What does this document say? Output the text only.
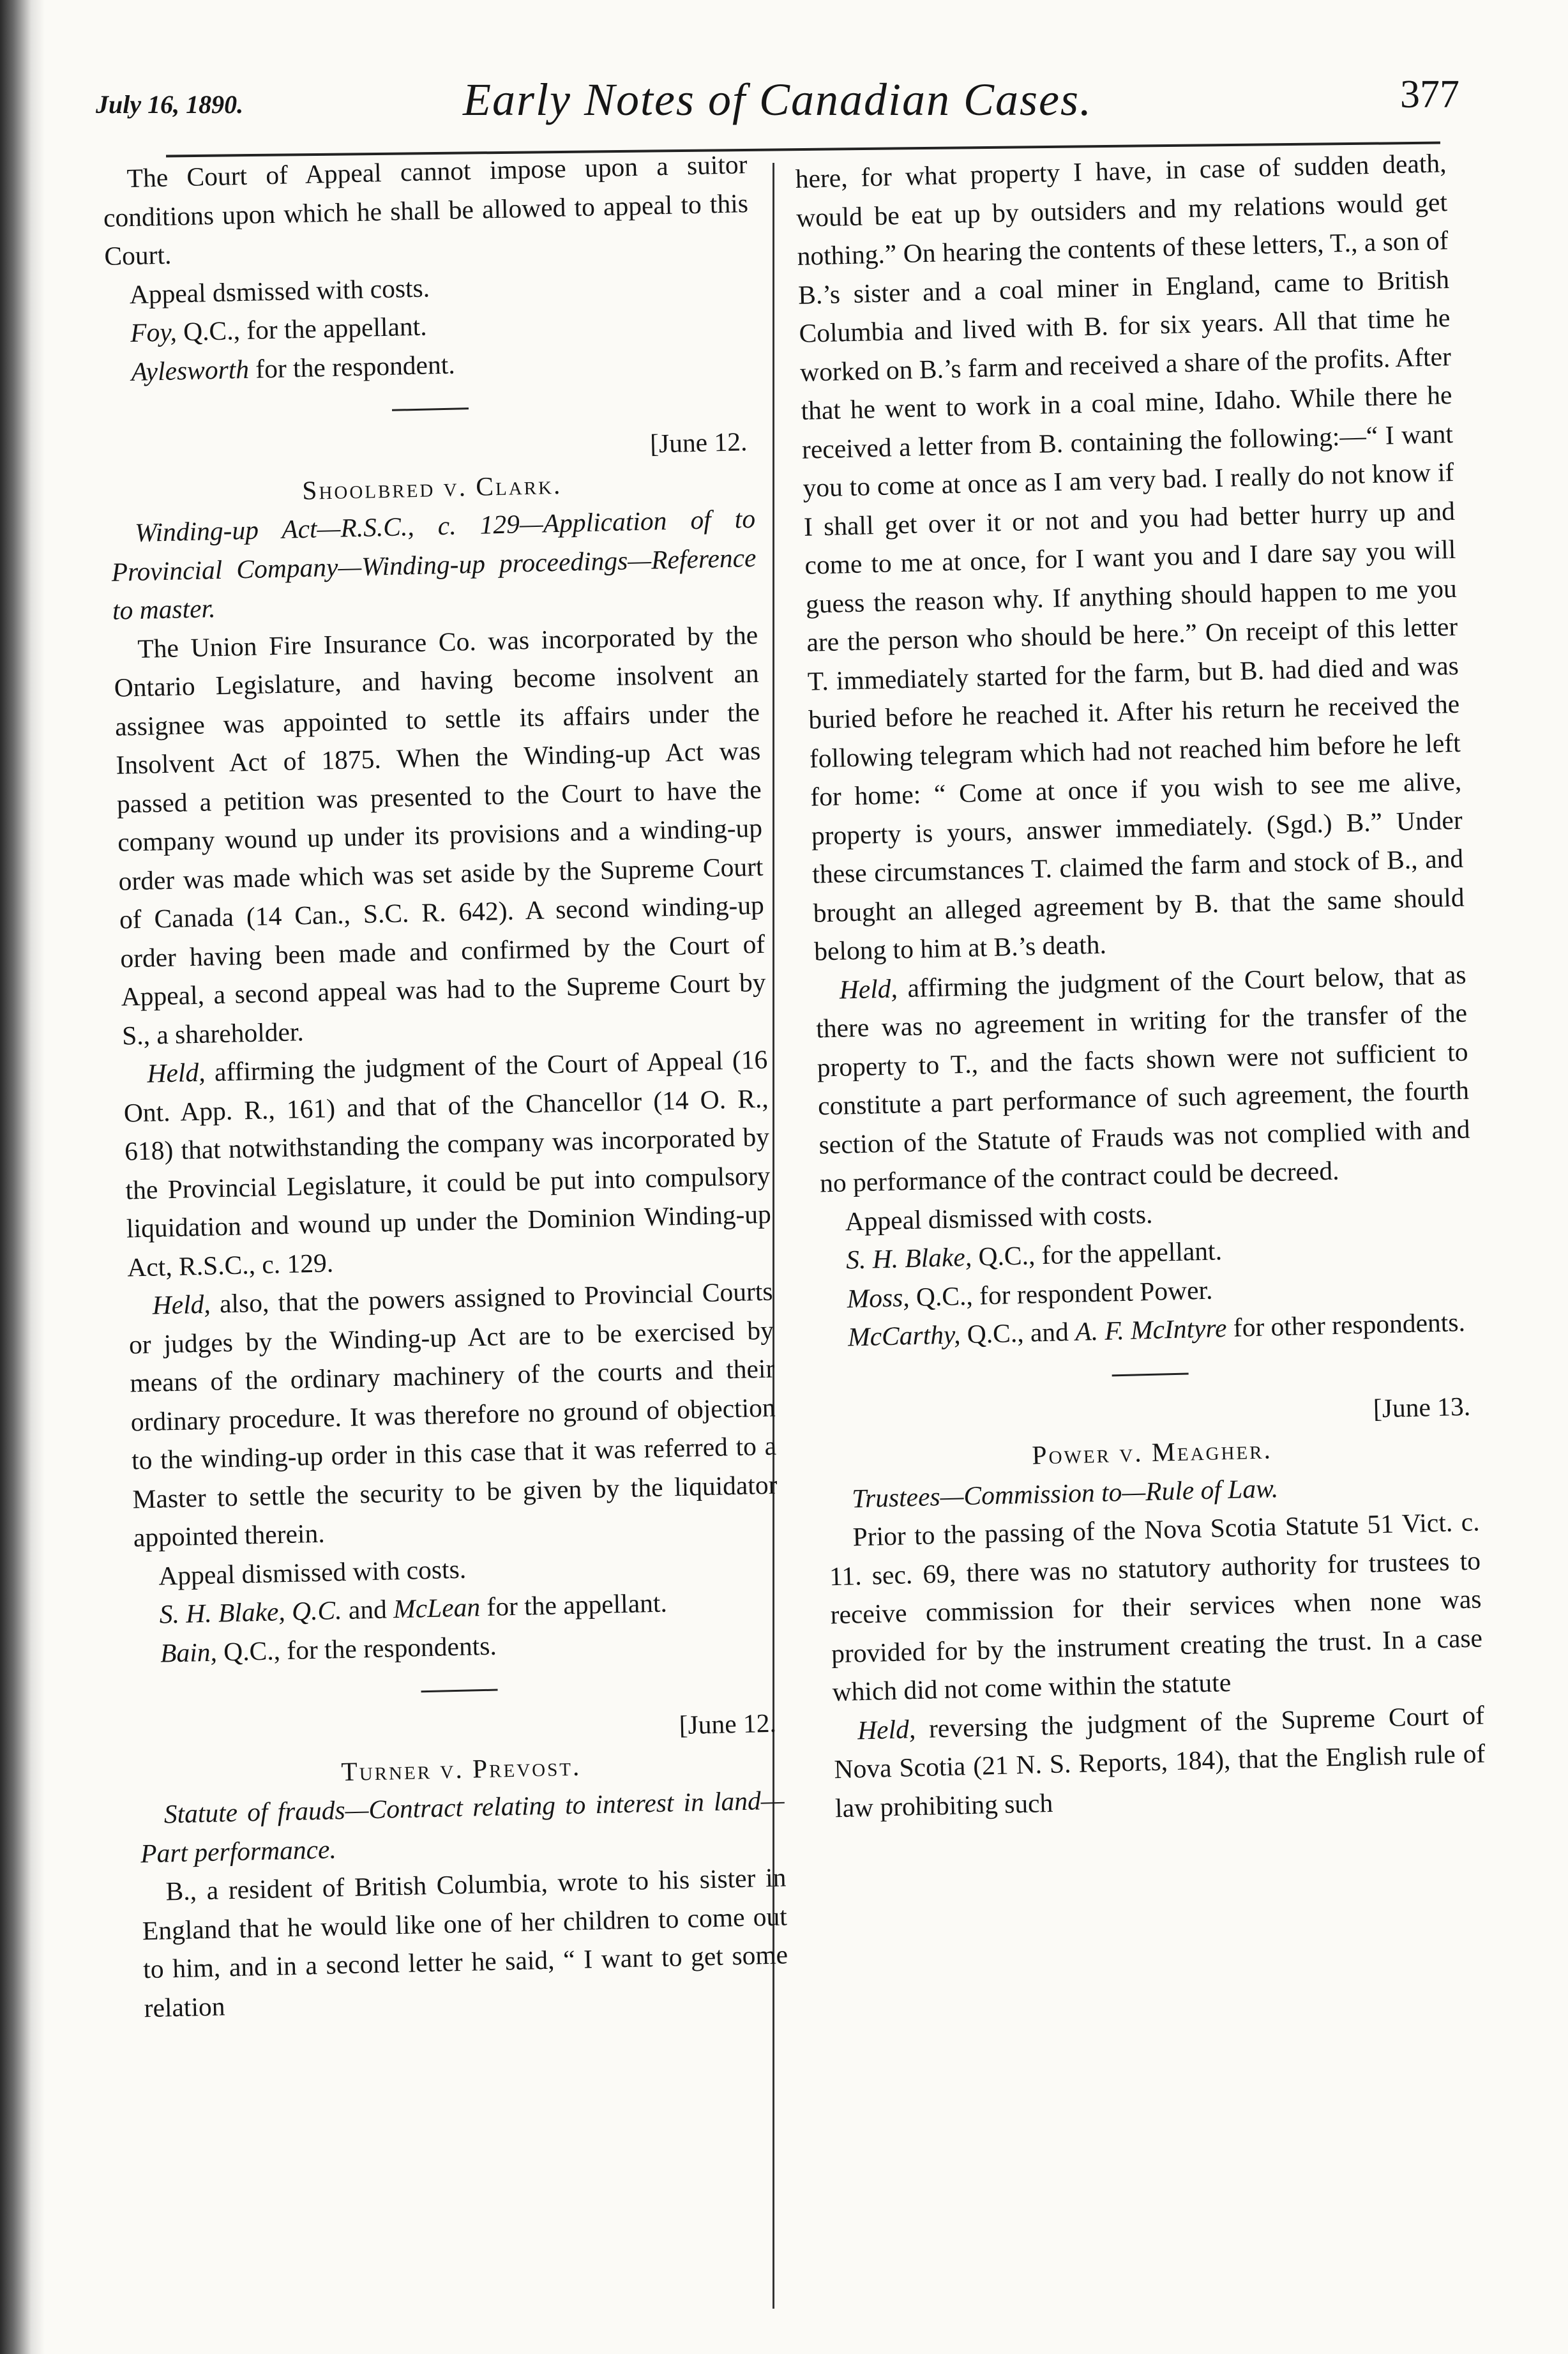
July 16, 1890.	Early Notes of Canadian Cases.	377

The Court of Appeal cannot impose upon a suitor conditions upon which he shall be allowed to appeal to this Court.

Appeal dsmissed with costs.

Foy, Q.C., for the appellant.

Aylesworth for the respondent.

[June 12.

Shoolbred v. Clark.

Winding-up Act—R.S.C., c. 129—Application of to Provincial Company—Winding-up proceedings—Reference to master.

The Union Fire Insurance Co. was incorporated by the Ontario Legislature, and having become insolvent an assignee was appointed to settle its affairs under the Insolvent Act of 1875. When the Winding-up Act was passed a petition was presented to the Court to have the company wound up under its provisions and a winding-up order was made which was set aside by the Supreme Court of Canada (14 Can., S.C. R. 642). A second winding-up order having been made and confirmed by the Court of Appeal, a second appeal was had to the Supreme Court by S., a shareholder.

Held, affirming the judgment of the Court of Appeal (16 Ont. App. R., 161) and that of the Chancellor (14 O. R., 618) that notwithstanding the company was incorporated by the Provincial Legislature, it could be put into compulsory liquidation and wound up under the Dominion Winding-up Act, R.S.C., c. 129.

Held, also, that the powers assigned to Provincial Courts or judges by the Winding-up Act are to be exercised by means of the ordinary machinery of the courts and their ordinary procedure. It was therefore no ground of objection to the winding-up order in this case that it was referred to a Master to settle the security to be given by the liquidator appointed therein.

Appeal dismissed with costs.

S. H. Blake, Q.C. and McLean for the appellant.

Bain, Q.C., for the respondents.

[June 12.

Turner v. Prevost.

Statute of frauds—Contract relating to interest in land—Part performance.

B., a resident of British Columbia, wrote to his sister in England that he would like one of her children to come out to him, and in a second letter he said, “ I want to get some relation

here, for what property I have, in case of sudden death, would be eat up by outsiders and my relations would get nothing.” On hearing the contents of these letters, T., a son of B.’s sister and a coal miner in England, came to British Columbia and lived with B. for six years. All that time he worked on B.’s farm and received a share of the profits. After that he went to work in a coal mine, Idaho. While there he received a letter from B. containing the following:—“ I want you to come at once as I am very bad. I really do not know if I shall get over it or not and you had better hurry up and come to me at once, for I want you and I dare say you will guess the reason why. If anything should happen to me you are the person who should be here.” On receipt of this letter T. immediately started for the farm, but B. had died and was buried before he reached it. After his return he received the following telegram which had not reached him before he left for home: “ Come at once if you wish to see me alive, property is yours, answer immediately. (Sgd.) B.” Under these circumstances T. claimed the farm and stock of B., and brought an alleged agreement by B. that the same should belong to him at B.’s death.

Held, affirming the judgment of the Court below, that as there was no agreement in writing for the transfer of the property to T., and the facts shown were not sufficient to constitute a part performance of such agreement, the fourth section of the Statute of Frauds was not complied with and no performance of the contract could be decreed.

Appeal dismissed with costs.

S. H. Blake, Q.C., for the appellant.

Moss, Q.C., for respondent Power.

McCarthy, Q.C., and A. F. McIntyre for other respondents.

[June 13.

Power v. Meagher.

Trustees—Commission to—Rule of Law.

Prior to the passing of the Nova Scotia Statute 51 Vict. c. 11. sec. 69, there was no statutory authority for trustees to receive commission for their services when none was provided for by the instrument creating the trust. In a case which did not come within the statute

Held, reversing the judgment of the Supreme Court of Nova Scotia (21 N. S. Reports, 184), that the English rule of law prohibiting such
